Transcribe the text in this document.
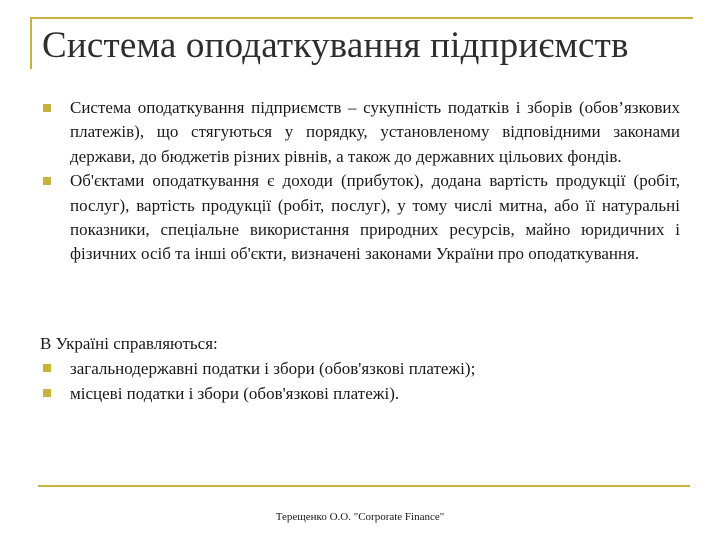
Система оподаткування підприємств
Система оподаткування підприємств – сукупність податків і зборів (обов’язкових платежів), що стягуються у порядку, установленому відповідними законами держави, до бюджетів різних рівнів, а також до державних цільових фондів.
Об'єктами оподаткування є доходи (прибуток), додана вартість продукції (робіт, послуг), вартість продукції (робіт, послуг), у тому числі митна, або її натуральні показники, спеціальне використання природних ресурсів, майно юридичних і фізичних осіб та інші об'єкти, визначені законами України про оподаткування.
В Україні справляються:
загальнодержавні податки і збори (обов'язкові платежі);
місцеві податки і збори (обов'язкові платежі).
Терещенко О.О. "Corporate Finance"
